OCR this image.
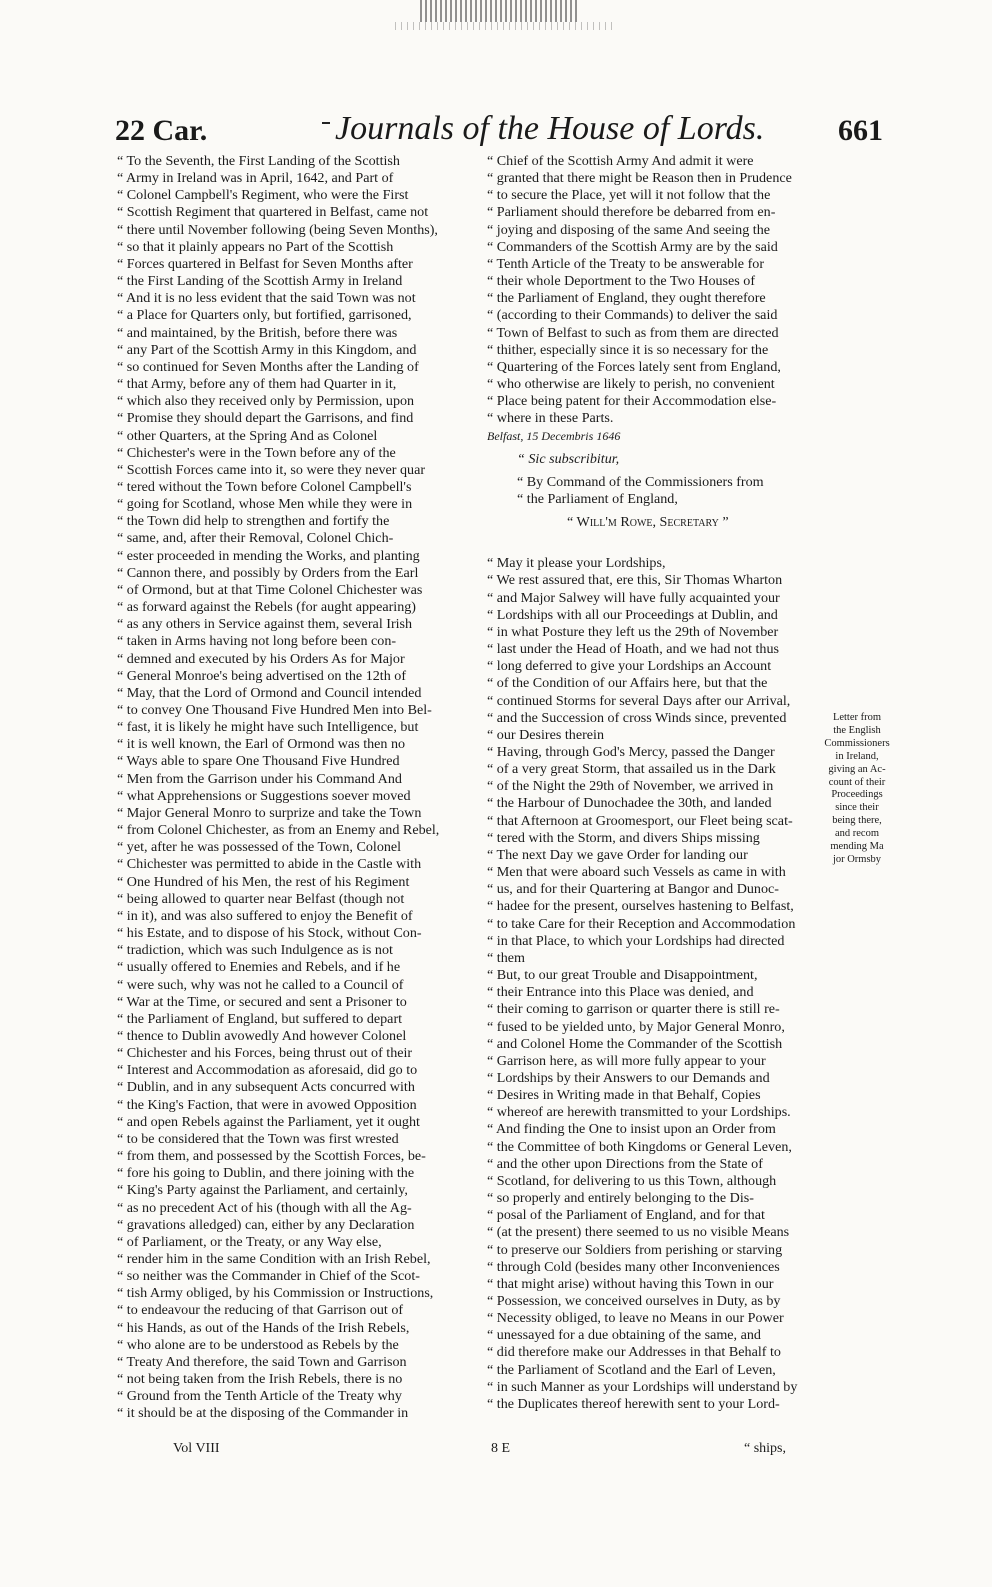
22 Car.	Journals of the House of Lords. 661

“ To the Seventh, the First Landing of the Scottish

“ Army in Ireland was in April, 1642, and Part of

“ Colonel Campbell's Regiment, who were the First

“ Scottish Regiment that quartered in Belfast, came not

“ there until November following (being Seven Months),

“ so that it plainly appears no Part of the Scottish

“ Forces quartered in Belfast for Seven Months after

“ the First Landing of the Scottish Army in Ireland

“ And it is no less evident that the said Town was not

“ a Place for Quarters only, but fortified, garrisoned,

“ and maintained, by the British, before there was

“ any Part of the Scottish Army in this Kingdom, and

“ so continued for Seven Months after the Landing of

“ that Army, before any of them had Quarter in it,

“ which also they received only by Permission, upon

“ Promise they should depart the Garrisons, and find

“ other Quarters, at the Spring And as Colonel

“ Chichester's were in the Town before any of the

“ Scottish Forces came into it, so were they never quar

“ tered without the Town before Colonel Campbell's

“ going for Scotland, whose Men while they were in

“ the Town did help to strengthen and fortify the

“ same, and, after their Removal, Colonel Chich-

“ ester proceeded in mending the Works, and planting

“ Cannon there, and possibly by Orders from the Earl

“ of Ormond, but at that Time Colonel Chichester was

“ as forward against the Rebels (for aught appearing)

“ as any others in Service against them, several Irish

“ taken in Arms having not long before been con-

“ demned and executed by his Orders As for Major

“ General Monroe's being advertised on the 12th of

“ May, that the Lord of Ormond and Council intended

“ to convey One Thousand Five Hundred Men into Bel-

“ fast, it is likely he might have such Intelligence, but

“ it is well known, the Earl of Ormond was then no

“ Ways able to spare One Thousand Five Hundred

“ Men from the Garrison under his Command And

“ what Apprehensions or Suggestions soever moved

“ Major General Monro to surprize and take the Town

“ from Colonel Chichester, as from an Enemy and Rebel,

“ yet, after he was possessed of the Town, Colonel

“ Chichester was permitted to abide in the Castle with

“ One Hundred of his Men, the rest of his Regiment

“ being allowed to quarter near Belfast (though not

“ in it), and was also suffered to enjoy the Benefit of

“ his Estate, and to dispose of his Stock, without Con-

“ tradiction, which was such Indulgence as is not

“ usually offered to Enemies and Rebels, and if he

“ were such, why was not he called to a Council of

“ War at the Time, or secured and sent a Prisoner to

“ the Parliament of England, but suffered to depart

“ thence to Dublin avowedly And however Colonel

“ Chichester and his Forces, being thrust out of their

“ Interest and Accommodation as aforesaid, did go to

“ Dublin, and in any subsequent Acts concurred with

“ the King's Faction, that were in avowed Opposition

“ and open Rebels against the Parliament, yet it ought

“ to be considered that the Town was first wrested

“ from them, and possessed by the Scottish Forces, be-

“ fore his going to Dublin, and there joining with the

“ King's Party against the Parliament, and certainly,

“ as no precedent Act of his (though with all the Ag-

“ gravations alledged) can, either by any Declaration

“ of Parliament, or the Treaty, or any Way else,

“ render him in the same Condition with an Irish Rebel,

“ so neither was the Commander in Chief of the Scot-

“ tish Army obliged, by his Commission or Instructions,

“ to endeavour the reducing of that Garrison out of

“ his Hands, as out of the Hands of the Irish Rebels,

“ who alone are to be understood as Rebels by the

“ Treaty And therefore, the said Town and Garrison

“ not being taken from the Irish Rebels, there is no

“ Ground from the Tenth Article of the Treaty why

“ it should be at the disposing of the Commander in

Vol VIII

“ Chief of the Scottish Army And admit it were

“ granted that there might be Reason then in Prudence

“ to secure the Place, yet will it not follow that the

“ Parliament should therefore be debarred from en-

“ joying and disposing of the same And seeing the

“ Commanders of the Scottish Army are by the said

“ Tenth Article of the Treaty to be answerable for

“ their whole Deportment to the Two Houses of

“ the Parliament of England, they ought therefore

“ (according to their Commands) to deliver the said

“ Town of Belfast to such as from them are directed

“ thither, especially since it is so necessary for the

“ Quartering of the Forces lately sent from England,

“ who otherwise are likely to perish, no convenient

“ Place being patent for their Accommodation else-

“ where in these Parts.

Belfast, 15 Decembris 1646

“ Sic subscribitur,

“ By Command of the Commissioners from

“ the Parliament of England,

“ Will'm Rowe, Secretary ”

“ May it please your Lordships,

“ We rest assured that, ere this, Sir Thomas Wharton

“ and Major Salwey will have fully acquainted your

“ Lordships with all our Proceedings at Dublin, and

“ in what Posture they left us the 29th of November

“ last under the Head of Hoath, and we had not thus

“ long deferred to give your Lordships an Account

“ of the Condition of our Affairs here, but that the

“ continued Storms for several Days after our Arrival,

“ and the Succession of cross Winds since, prevented

“ our Desires therein

“ Having, through God's Mercy, passed the Danger

“ of a very great Storm, that assailed us in the Dark

“ of the Night the 29th of November, we arrived in

“ the Harbour of Dunochadee the 30th, and landed

“ that Afternoon at Groomesport, our Fleet being scat-

“ tered with the Storm, and divers Ships missing

“ The next Day we gave Order for landing our

“ Men that were aboard such Vessels as came in with

“ us, and for their Quartering at Bangor and Dunoc-

“ hadee for the present, ourselves hastening to Belfast,

“ to take Care for their Reception and Accommodation

“ in that Place, to which your Lordships had directed

“ them

“ But, to our great Trouble and Disappointment,

“ their Entrance into this Place was denied, and

“ their coming to garrison or quarter there is still re-

“ fused to be yielded unto, by Major General Monro,

“ and Colonel Home the Commander of the Scottish

“ Garrison here, as will more fully appear to your

“ Lordships by their Answers to our Demands and

“ Desires in Writing made in that Behalf, Copies

“ whereof are herewith transmitted to your Lordships.

“ And finding the One to insist upon an Order from

“ the Committee of both Kingdoms or General Leven,

“ and the other upon Directions from the State of

“ Scotland, for delivering to us this Town, although

“ so properly and entirely belonging to the Dis-

“ posal of the Parliament of England, and for that

“ (at the present) there seemed to us no visible Means

“ to preserve our Soldiers from perishing or starving

“ through Cold (besides many other Inconveniences

“ that might arise) without having this Town in our

“ Possession, we conceived ourselves in Duty, as by

“ Necessity obliged, to leave no Means in our Power

“ unessayed for a due obtaining of the same, and

“ did therefore make our Addresses in that Behalf to

“ the Parliament of Scotland and the Earl of Leven,

“ in such Manner as your Lordships will understand by

“ the Duplicates thereof herewith sent to your Lord-

8 E	“ ships,
Letter from
the English
Commissioners
in Ireland,
giving an Ac-
count of their
Proceedings
since their
being there,
and recom
mending Ma
jor Ormsby
